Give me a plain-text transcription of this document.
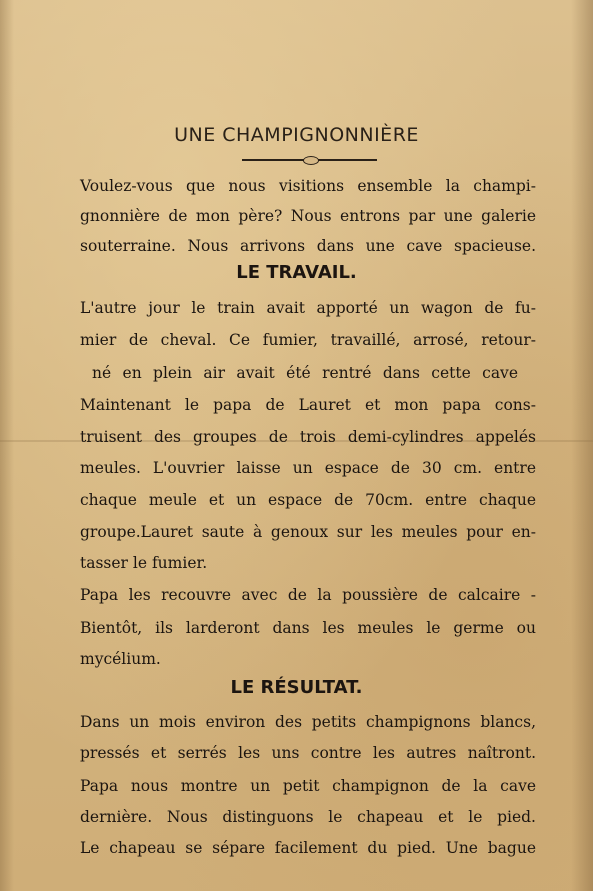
UNE CHAMPIGNONNIÈRE
Voulez-vous que nous visitions ensemble la champi-
gnonnière de mon père? Nous entrons par une galerie
souterraine. Nous arrivons dans une cave spacieuse.
LE TRAVAIL.
L'autre jour le train avait apporté un wagon de fu-
mier de cheval. Ce fumier, travaillé, arrosé, retour-
né en plein air avait été rentré dans cette cave
Maintenant le papa de Lauret et mon papa cons-
truisent des groupes de trois demi-cylindres appelés
meules. L'ouvrier laisse un espace de 30 cm. entre
chaque meule et un espace de 70cm. entre chaque
groupe.Lauret saute à genoux sur les meules pour en-
tasser le fumier.
Papa les recouvre avec de la poussière de calcaire -
Bientôt, ils larderont dans les meules le germe ou
mycélium.
LE RÉSULTAT.
Dans un mois environ des petits champignons blancs,
pressés et serrés les uns contre les autres naîtront.
Papa nous montre un petit champignon de la cave
dernière. Nous distinguons le chapeau et le pied.
Le chapeau se sépare facilement du pied. Une bague
